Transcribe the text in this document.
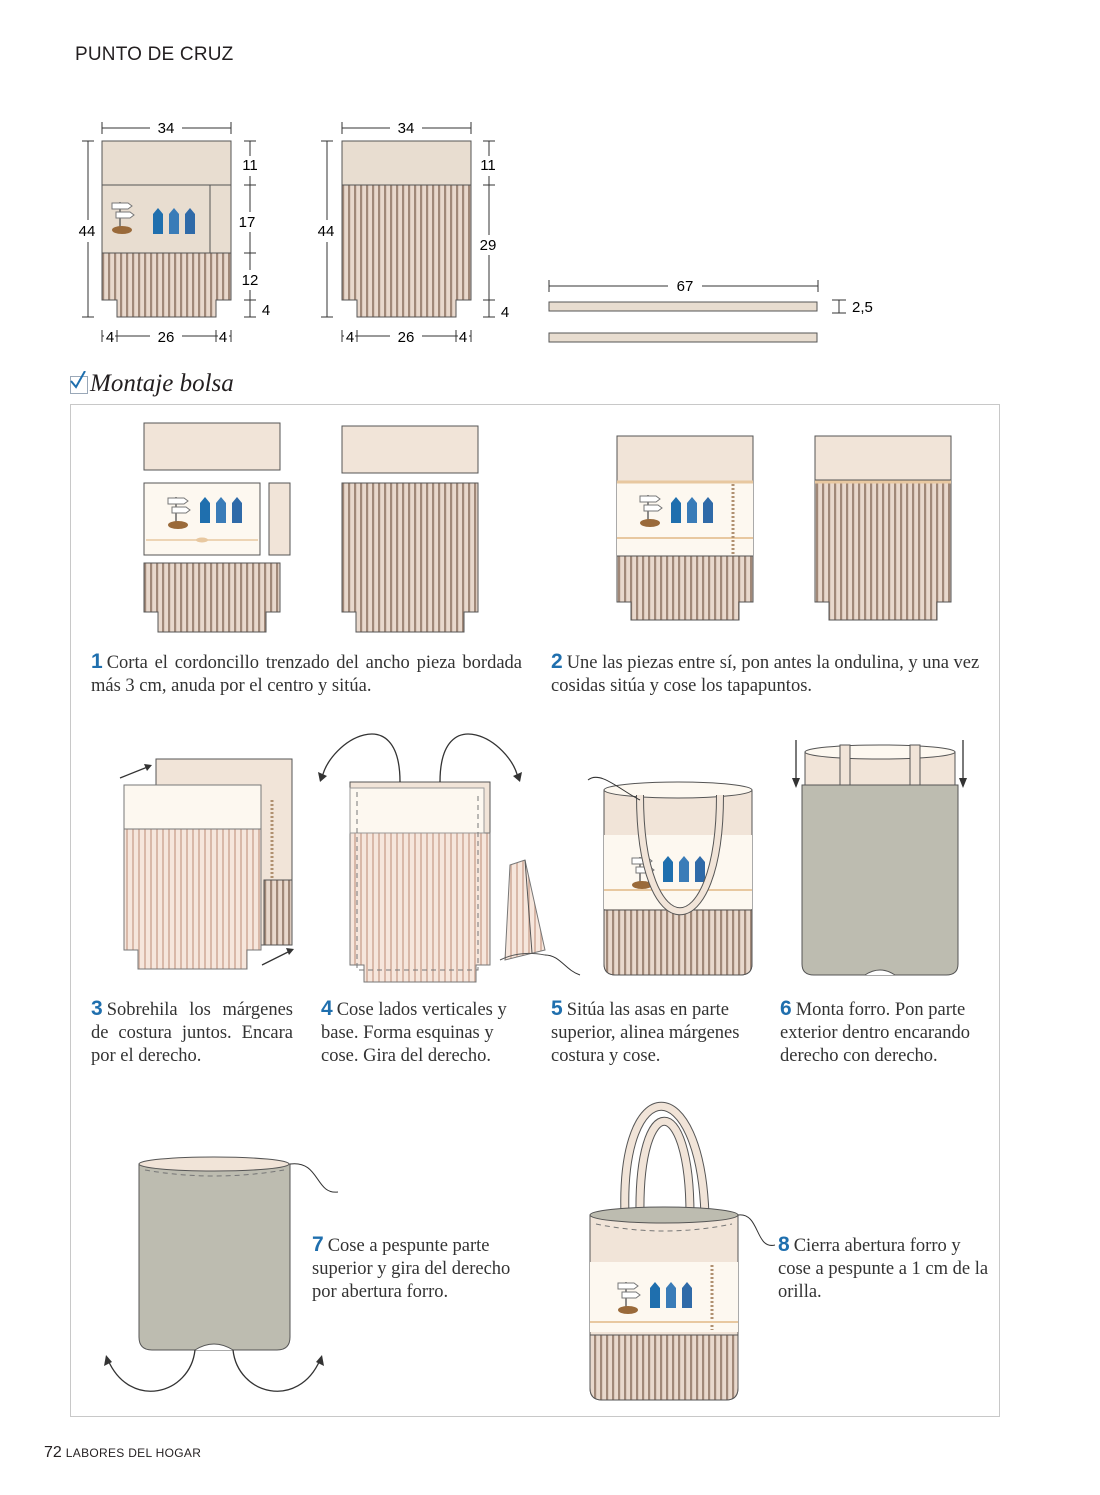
34
44
11
17
12
4
4	26	4
34
44
11
29
4
4	26	4
67
2,5
PUNTO DE CRUZ
Montaje bolsa
1 Corta el cordoncillo trenzado del ancho pieza bordada más 3 cm, anuda por el centro y sitúa.
2 Une las piezas entre sí, pon antes la ondulina, y una vez cosidas sitúa y cose los tapapuntos.
3 Sobrehila los márgenes de costura juntos. Encara por el derecho.
4 Cose lados verticales y base. Forma esquinas y cose. Gira del derecho.
5 Sitúa las asas en parte superior, alinea márgenes costura y cose.
6 Monta forro. Pon parte exterior dentro encarando derecho con derecho.
7 Cose a pespunte parte superior y gira del derecho por abertura forro.
8 Cierra abertura forro y cose a pespunte a 1 cm de la orilla.
72 LABORES DEL HOGAR
